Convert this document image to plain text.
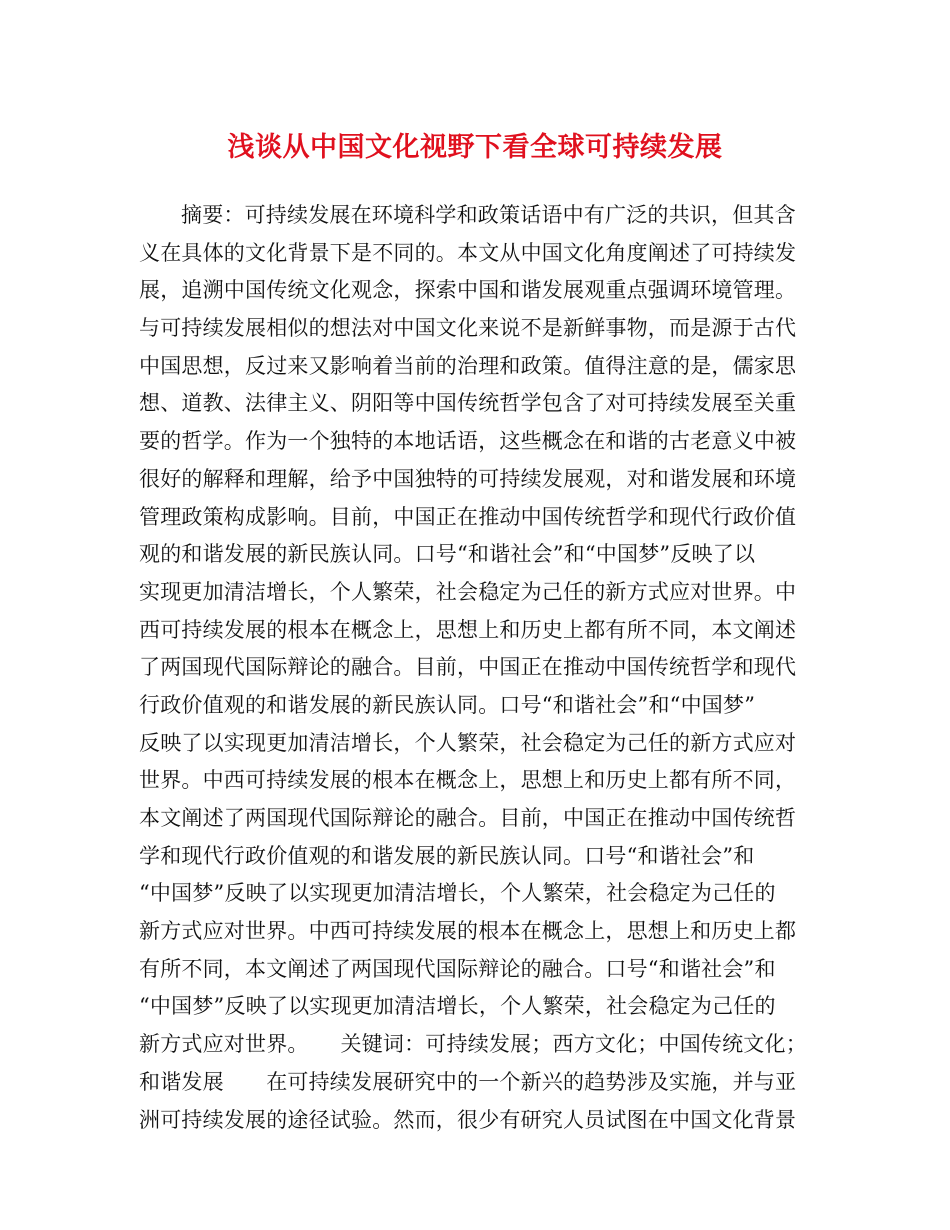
浅谈从中国文化视野下看全球可持续发展
摘要：可持续发展在环境科学和政策话语中有广泛的共识，但其含
义在具体的文化背景下是不同的。本文从中国文化角度阐述了可持续发
展，追溯中国传统文化观念，探索中国和谐发展观重点强调环境管理。
与可持续发展相似的想法对中国文化来说不是新鲜事物，而是源于古代
中国思想，反过来又影响着当前的治理和政策。值得注意的是，儒家思
想、道教、法律主义、阴阳等中国传统哲学包含了对可持续发展至关重
要的哲学。作为一个独特的本地话语，这些概念在和谐的古老意义中被
很好的解释和理解，给予中国独特的可持续发展观，对和谐发展和环境
管理政策构成影响。目前，中国正在推动中国传统哲学和现代行政价值
观的和谐发展的新民族认同。口号“和谐社会”和“中国梦”反映了以
实现更加清洁增长，个人繁荣，社会稳定为己任的新方式应对世界。中
西可持续发展的根本在概念上，思想上和历史上都有所不同，本文阐述
了两国现代国际辩论的融合。目前，中国正在推动中国传统哲学和现代
行政价值观的和谐发展的新民族认同。口号“和谐社会”和“中国梦”
反映了以实现更加清洁增长，个人繁荣，社会稳定为己任的新方式应对
世界。中西可持续发展的根本在概念上，思想上和历史上都有所不同，
本文阐述了两国现代国际辩论的融合。目前，中国正在推动中国传统哲
学和现代行政价值观的和谐发展的新民族认同。口号“和谐社会”和
“中国梦”反映了以实现更加清洁增长，个人繁荣，社会稳定为己任的
新方式应对世界。中西可持续发展的根本在概念上，思想上和历史上都
有所不同，本文阐述了两国现代国际辩论的融合。口号“和谐社会”和
“中国梦”反映了以实现更加清洁增长，个人繁荣，社会稳定为己任的
新方式应对世界。　　关键词：可持续发展；西方文化；中国传统文化；
和谐发展　　在可持续发展研究中的一个新兴的趋势涉及实施，并与亚
洲可持续发展的途径试验。然而，很少有研究人员试图在中国文化背景
